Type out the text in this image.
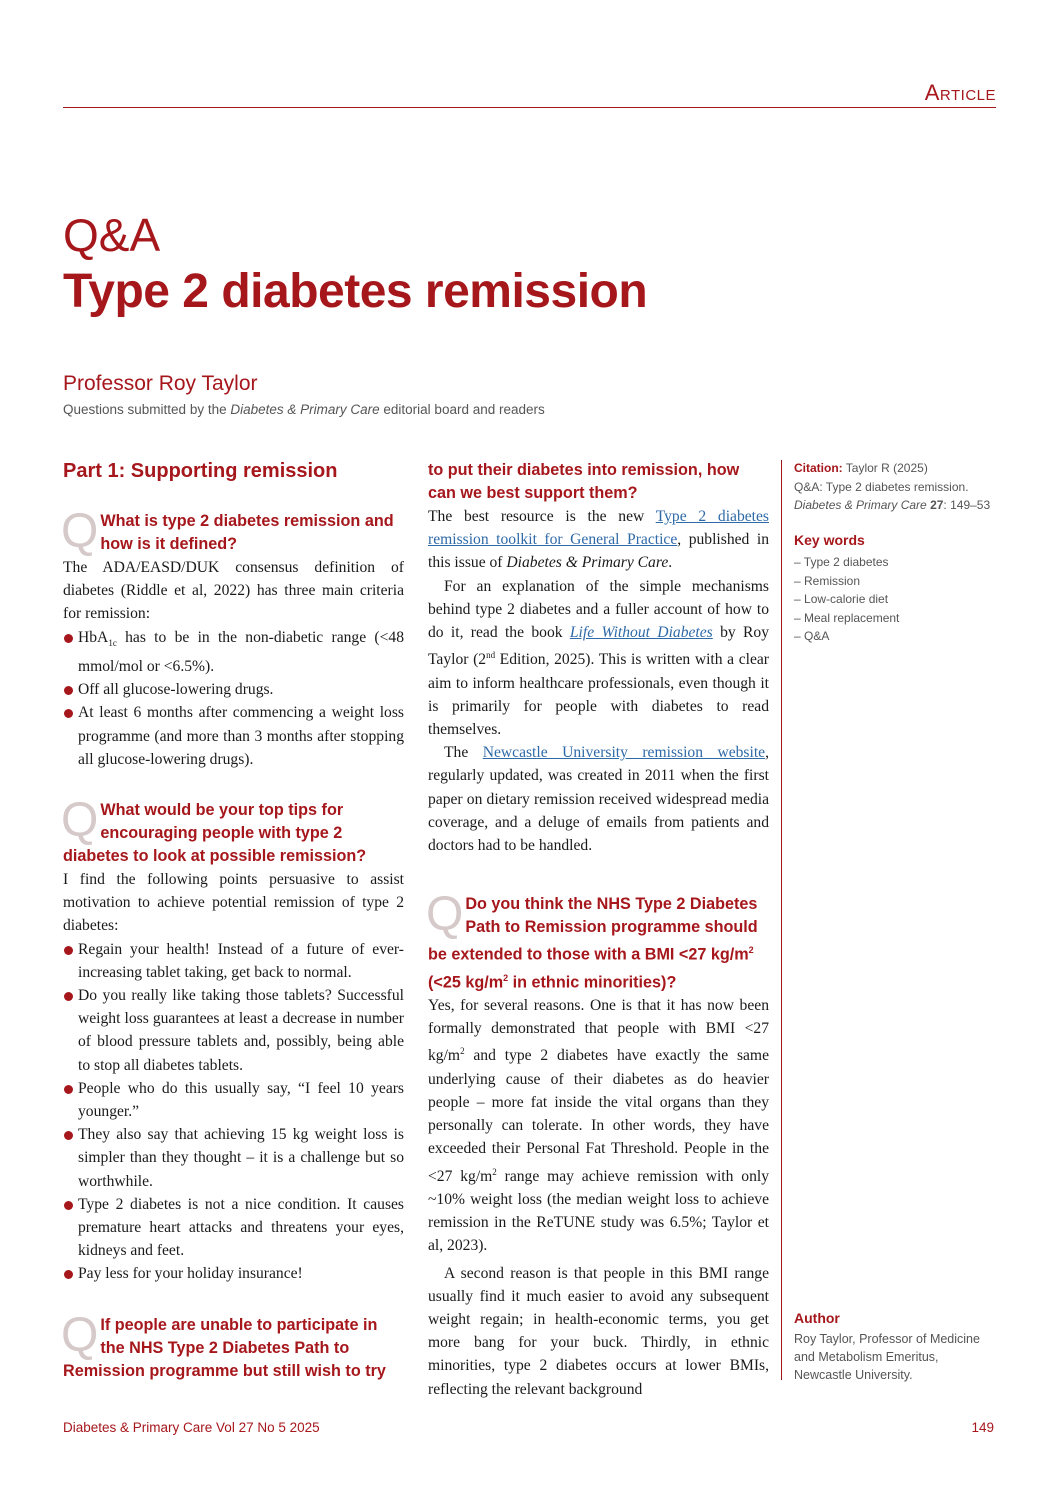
Article
Q&A
Type 2 diabetes remission
Professor Roy Taylor
Questions submitted by the Diabetes & Primary Care editorial board and readers
Part 1: Supporting remission
Q What is type 2 diabetes remission and how is it defined?

The ADA/EASD/DUK consensus definition of diabetes (Riddle et al, 2022) has three main criteria for remission:

HbA$_{1c}$ has to be in the non-diabetic range (<48 mmol/mol or <6.5%).
Off all glucose-lowering drugs.
At least 6 months after commencing a weight loss programme (and more than 3 months after stopping all glucose-lowering drugs).
Q What would be your top tips for encouraging people with type 2 diabetes to look at possible remission?

I find the following points persuasive to assist motivation to achieve potential remission of type 2 diabetes:

Regain your health! Instead of a future of ever-increasing tablet taking, get back to normal.
Do you really like taking those tablets? Successful weight loss guarantees at least a decrease in number of blood pressure tablets and, possibly, being able to stop all diabetes tablets.
People who do this usually say, “I feel 10 years younger.”
They also say that achieving 15 kg weight loss is simpler than they thought – it is a challenge but so worthwhile.
Type 2 diabetes is not a nice condition. It causes premature heart attacks and threatens your eyes, kidneys and feet.
Pay less for your holiday insurance!
Q If people are unable to participate in the NHS Type 2 Diabetes Path to Remission programme but still wish to try
to put their diabetes into remission, how can we best support them?

The best resource is the new Type 2 diabetes remission toolkit for General Practice, published in this issue of Diabetes & Primary Care.

For an explanation of the simple mechanisms behind type 2 diabetes and a fuller account of how to do it, read the book Life Without Diabetes by Roy Taylor (2nd Edition, 2025). This is written with a clear aim to inform healthcare professionals, even though it is primarily for people with diabetes to read themselves.

The Newcastle University remission website, regularly updated, was created in 2011 when the first paper on dietary remission received widespread media coverage, and a deluge of emails from patients and doctors had to be handled.

Q Do you think the NHS Type 2 Diabetes Path to Remission programme should be extended to those with a BMI <27 $kg/m^2$ (<25 $kg/m^2$ in ethnic minorities)?

Yes, for several reasons. One is that it has now been formally demonstrated that people with BMI <27 $kg/m^2$ and type 2 diabetes have exactly the same underlying cause of their diabetes as do heavier people – more fat inside the vital organs than they personally can tolerate. In other words, they have exceeded their Personal Fat Threshold. People in the <27 $kg/m^2$ range may achieve remission with only ~10% weight loss (the median weight loss to achieve remission in the ReTUNE study was 6.5%; Taylor et al, 2023).

A second reason is that people in this BMI range usually find it much easier to avoid any subsequent weight regain; in health-economic terms, you get more bang for your buck. Thirdly, in ethnic minorities, type 2 diabetes occurs at lower BMIs, reflecting the relevant background

Citation: Taylor R (2025)
Q&A: Type 2 diabetes remission.
Diabetes & Primary Care 27: 149–53
Key words
– Type 2 diabetes
– Remission
– Low-calorie diet
– Meal replacement
– Q&A
Author
Roy Taylor, Professor of Medicine and Metabolism Emeritus, Newcastle University.
Diabetes & Primary Care Vol 27 No 5 2025	149
